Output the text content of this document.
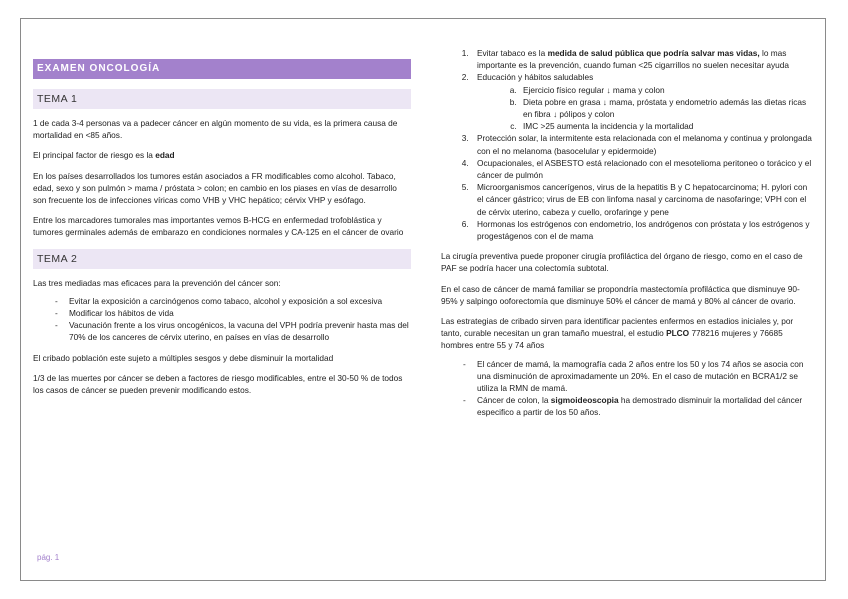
EXAMEN ONCOLOGÍA
TEMA 1

1 de cada 3-4 personas va a padecer cáncer en algún momento de su vida, es la primera causa de mortalidad en <85 años.

El principal factor de riesgo es la edad

En los países desarrollados los tumores están asociados a FR modificables como alcohol. Tabaco, edad, sexo y son pulmón > mama / próstata > colon; en cambio en los piases en vías de desarrollo son frecuente los de infecciones víricas como VHB y VHC hepático; cérvix VHP y esófago.

Entre los marcadores tumorales mas importantes vemos B-HCG en enfermedad trofoblástica y tumores germinales además de embarazo en condiciones normales y CA-125 en el cáncer de ovario

TEMA 2

Las tres mediadas mas eficaces para la prevención del cáncer son:

- Evitar la exposición a carcinógenos como tabaco, alcohol y exposición a sol excesiva
- Modificar los hábitos de vida
- Vacunación frente a los virus oncogénicos, la vacuna del VPH podría prevenir hasta mas del 70% de los canceres de cérvix uterino, en países en vías de desarrollo

El cribado población este sujeto a múltiples sesgos y debe disminuir la mortalidad

1/3 de las muertes por cáncer se deben a factores de riesgo modificables, entre el 30-50 % de todos los casos de cáncer se pueden prevenir modificando estos.

1. Evitar tabaco es la medida de salud pública que podría salvar mas vidas, lo mas importante es la prevención, cuando fuman <25 cigarrillos no suelen necesitar ayuda
2. Educación y hábitos saludables
a. Ejercicio físico regular ↓ mama y colon
b. Dieta pobre en grasa ↓ mama, próstata y endometrio además las dietas ricas en fibra ↓ pólipos y colon
c. IMC >25 aumenta la incidencia y la mortalidad
3. Protección solar, la intermitente esta relacionada con el melanoma y continua y prolongada con el no melanoma (basocelular y epidermoide)
4. Ocupacionales, el ASBESTO está relacionado con el mesotelioma peritoneo o torácico y el cáncer de pulmón
5. Microorganismos cancerígenos, virus de la hepatitis B y C hepatocarcinoma; H. pylori con el cáncer gástrico; virus de EB con linfoma nasal y carcinoma de nasofaringe; VPH con el de cérvix uterino, cabeza y cuello, orofaringe y pene
6. Hormonas los estrógenos con endometrio, los andrógenos con próstata y los estrógenos y progestágenos con el de mama

La cirugía preventiva puede proponer cirugía profiláctica del órgano de riesgo, como en el caso de PAF se podría hacer una colectomía subtotal.

En el caso de cáncer de mamá familiar se propondría mastectomía profiláctica que disminuye 90-95% y salpingo ooforectomía que disminuye 50% el cáncer de mamá y 80% al cáncer de ovario.

Las estrategias de cribado sirven para identificar pacientes enfermos en estadios iniciales y, por tanto, curable necesitan un gran tamaño muestral, el estudio PLCO 778216 mujeres y 76685 hombres entre 55 y 74 años

- El cáncer de mamá, la mamografía cada 2 años entre los 50 y los 74 años se asocia con una disminución de aproximadamente un 20%. En el caso de mutación en BCRA1/2 se utiliza la RMN de mamá.
- Cáncer de colon, la sigmoideoscopia ha demostrado disminuir la mortalidad del cáncer especifico a partir de los 50 años.
pág. 1
